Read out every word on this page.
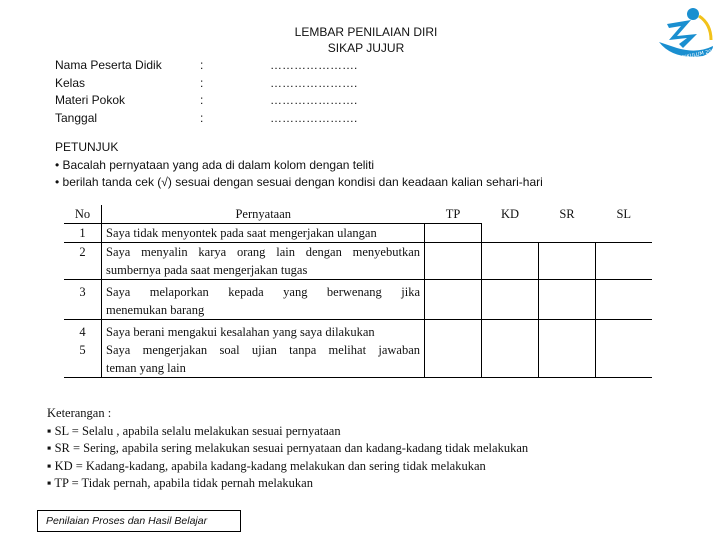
LEMBAR PENILAIAN DIRI
SIKAP JUJUR	KURIKULUM 2013
Nama Peserta Didik	:	………………….
Kelas	:	………………….
Materi Pokok	:	………………….
Tanggal	:	………………….
PETUNJUK
• Bacalah pernyataan yang ada di dalam kolom dengan teliti
• berilah tanda cek (√) sesuai dengan sesuai dengan kondisi dan keadaan kalian sehari-hari
No	Pernyataan	TP	KD	SR	SL
1	Saya tidak menyontek pada saat mengerjakan ulangan				

2	Saya menyalin karya orang lain dengan menyebutkan
sumbernya pada saat mengerjakan tugas				

3	Saya melaporkan kepada yang berwenang jika
menemukan barang				

4	Saya berani mengakui kesalahan yang saya dilakukan				

5	Saya mengerjakan soal ujian tanpa melihat jawaban
teman yang lain				

Keterangan :
▪ SL = Selalu , apabila selalu melakukan sesuai pernyataan
▪ SR = Sering, apabila sering melakukan sesuai pernyataan dan kadang-kadang tidak melakukan
▪ KD = Kadang-kadang, apabila kadang-kadang melakukan dan sering tidak melakukan
▪ TP = Tidak pernah, apabila tidak pernah melakukan
Penilaian Proses dan Hasil Belajar
